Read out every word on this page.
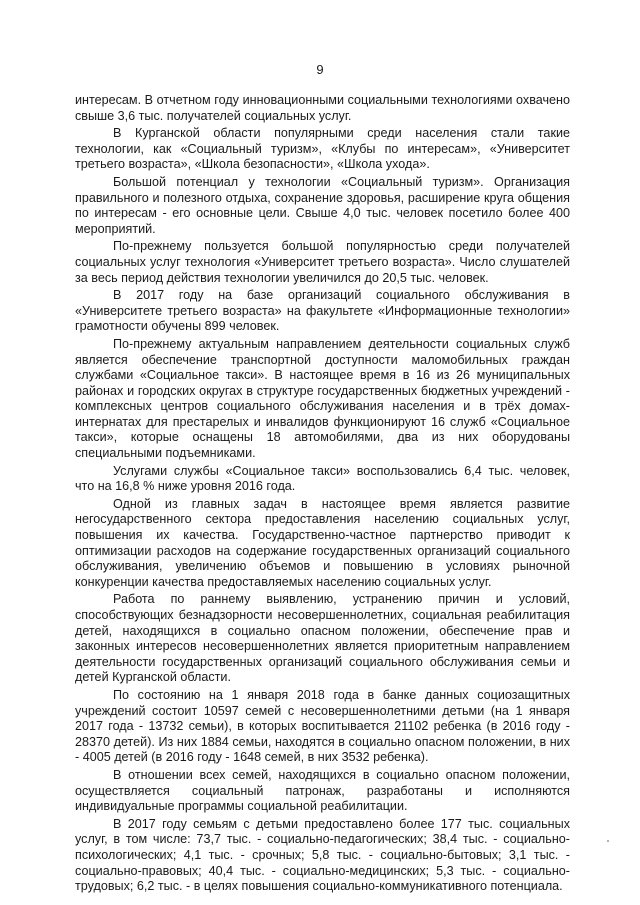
9

интересам. В отчетном году инновационными социальными технологиями охвачено свыше 3,6 тыс. получателей социальных услуг.

В Курганской области популярными среди населения стали такие технологии, как «Социальный туризм», «Клубы по интересам», «Университет третьего возраста», «Школа безопасности», «Школа ухода».

Большой потенциал у технологии «Социальный туризм». Организация правильного и полезного отдыха, сохранение здоровья, расширение круга общения по интересам - его основные цели. Свыше 4,0 тыс. человек посетило более 400 мероприятий.

По-прежнему пользуется большой популярностью среди получателей социальных услуг технология «Университет третьего возраста». Число слушателей за весь период действия технологии увеличился до 20,5 тыс. человек.

В 2017 году на базе организаций социального обслуживания в «Университете третьего возраста» на факультете «Информационные технологии» грамотности обучены 899 человек.

По-прежнему актуальным направлением деятельности социальных служб является обеспечение транспортной доступности маломобильных граждан службами «Социальное такси». В настоящее время в 16 из 26 муниципальных районах и городских округах в структуре государственных бюджетных учреждений - комплексных центров социального обслуживания населения и в трёх домах-интернатах для престарелых и инвалидов функционируют 16 служб «Социальное такси», которые оснащены 18 автомобилями, два из них оборудованы специальными подъемниками.

Услугами службы «Социальное такси» воспользовались 6,4 тыс. человек, что на 16,8 % ниже уровня 2016 года.

Одной из главных задач в настоящее время является развитие негосударственного сектора предоставления населению социальных услуг, повышения их качества. Государственно-частное партнерство приводит к оптимизации расходов на содержание государственных организаций социального обслуживания, увеличению объемов и повышению в условиях рыночной конкуренции качества предоставляемых населению социальных услуг.

Работа по раннему выявлению, устранению причин и условий, способствующих безнадзорности несовершеннолетних, социальная реабилитация детей, находящихся в социально опасном положении, обеспечение прав и законных интересов несовершеннолетних является приоритетным направлением деятельности государственных организаций социального обслуживания семьи и детей Курганской области.

По состоянию на 1 января 2018 года в банке данных социозащитных учреждений состоит 10597 семей с несовершеннолетними детьми (на 1 января 2017 года - 13732 семьи), в которых воспитывается 21102 ребенка (в 2016 году - 28370 детей). Из них 1884 семьи, находятся в социально опасном положении, в них - 4005 детей (в 2016 году - 1648 семей, в них 3532 ребенка).

В отношении всех семей, находящихся в социально опасном положении, осуществляется социальный патронаж, разработаны и исполняются индивидуальные программы социальной реабилитации.

В 2017 году семьям с детьми предоставлено более 177 тыс. социальных услуг, в том числе: 73,7 тыс. - социально-педагогических; 38,4 тыс. - социально-психологических; 4,1 тыс. - срочных; 5,8 тыс. - социально-бытовых; 3,1 тыс. - социально-правовых; 40,4 тыс. - социально-медицинских; 5,3 тыс. - социально-трудовых; 6,2 тыс. - в целях повышения социально-коммуникативного потенциала.
